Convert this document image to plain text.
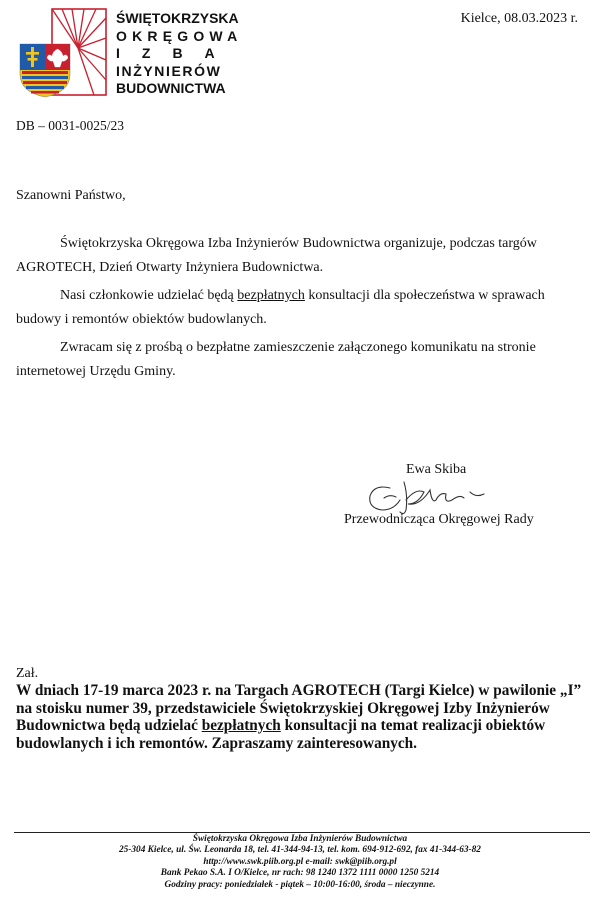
ŚWIĘTOKRZYSKA
OKRĘGOWA
IZBA
INŻYNIERÓW
BUDOWNICTWA
Kielce, 08.03.2023 r.
DB – 0031-0025/23
Szanowni Państwo,
Świętokrzyska Okręgowa Izba Inżynierów Budownictwa organizuje, podczas targów AGROTECH, Dzień Otwarty Inżyniera Budownictwa.
Nasi członkowie udzielać będą bezpłatnych konsultacji dla społeczeństwa w sprawach budowy i remontów obiektów budowlanych.
Zwracam się z prośbą o bezpłatne zamieszczenie załączonego komunikatu na stronie internetowej Urzędu Gminy.
Ewa Skiba
Przewodnicząca Okręgowej Rady
Zał.
W dniach 17-19 marca 2023 r. na Targach AGROTECH (Targi Kielce) w pawilonie „I” na stoisku numer 39, przedstawiciele Świętokrzyskiej Okręgowej Izby Inżynierów Budownictwa będą udzielać bezpłatnych konsultacji na temat realizacji obiektów budowlanych i ich remontów. Zapraszamy zainteresowanych.
Świętokrzyska Okręgowa Izba Inżynierów Budownictwa
25-304 Kielce, ul. Św. Leonarda 18, tel. 41-344-94-13, tel. kom. 694-912-692, fax 41-344-63-82
http://www.swk.piib.org.pl e-mail: swk@piib.org.pl
Bank Pekao S.A. I O/Kielce, nr rach: 98 1240 1372 1111 0000 1250 5214
Godziny pracy: poniedziałek - piątek – 10:00-16:00, środa – nieczynne.
